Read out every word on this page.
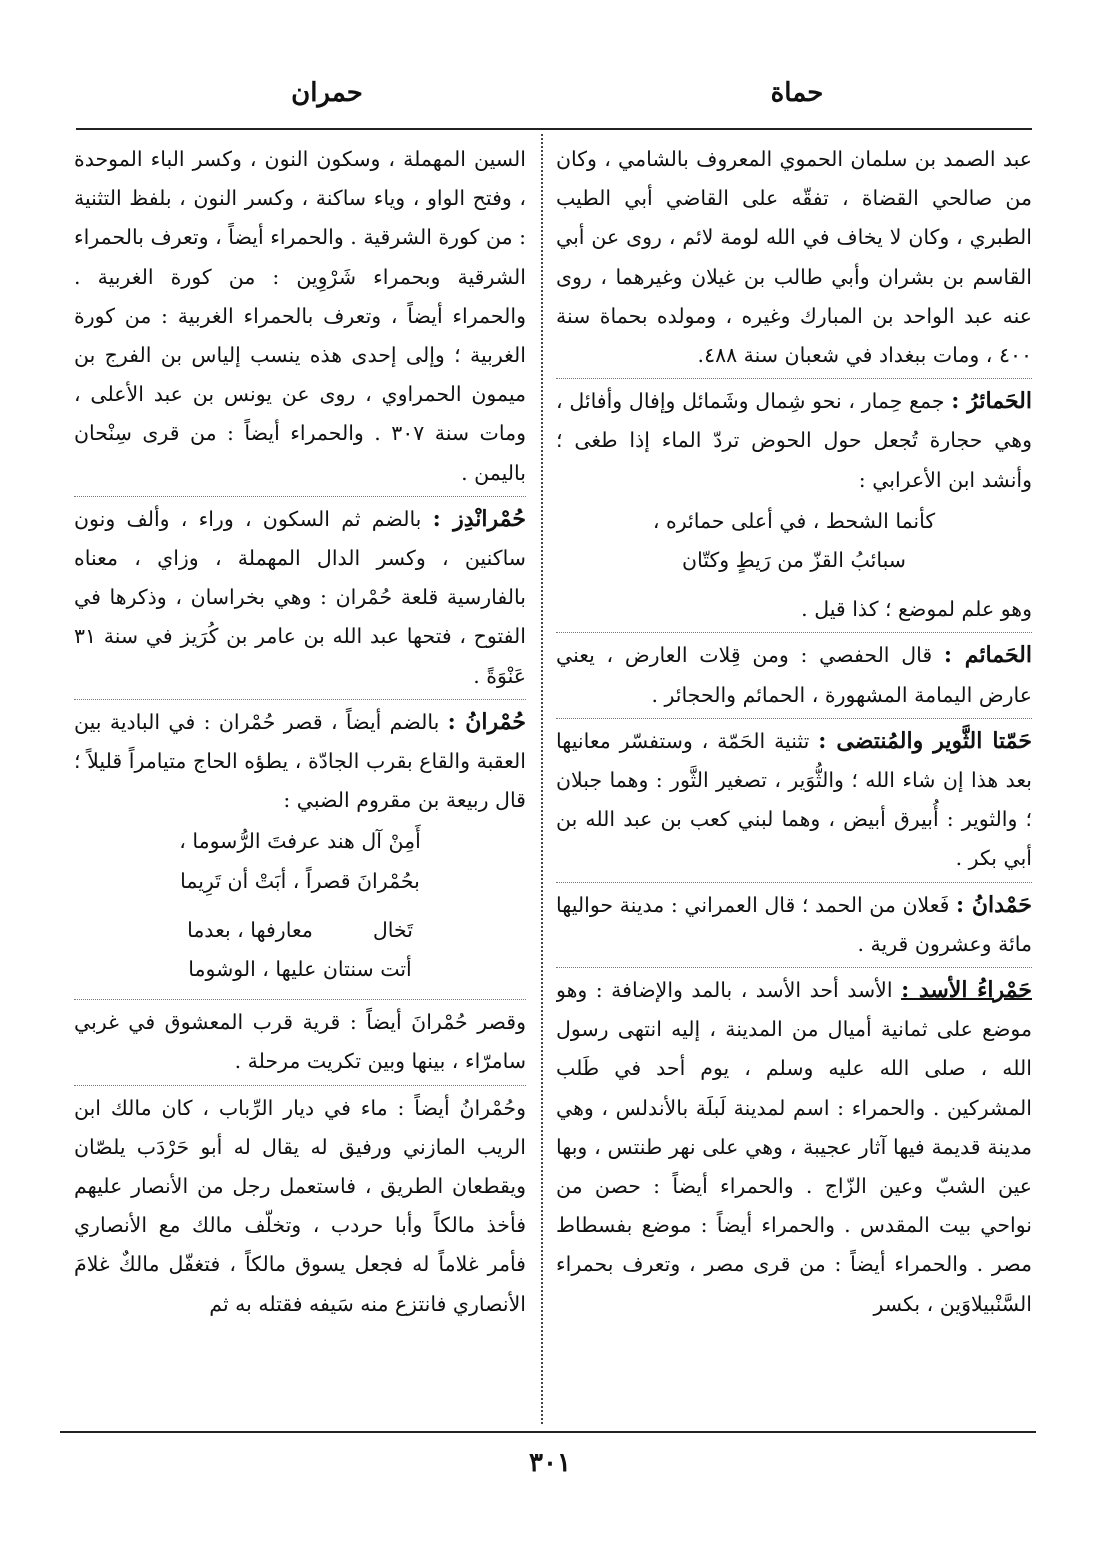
حماة
حمران

عبد الصمد بن سلمان الحموي المعروف بالشامي ، وكان من صالحي القضاة ، تفقّه على القاضي أبي الطيب الطبري ، وكان لا يخاف في الله لومة لائم ، روى عن أبي القاسم بن بشران وأبي طالب بن غيلان وغيرهما ، روى عنه عبد الواحد بن المبارك وغيره ، ومولده بحماة سنة ٤٠٠ ، ومات ببغداد في شعبان سنة ٤٨٨.

الحَمائرُ : جمع حِمار ، نحو شِمال وشَمائل وإفال وأفائل ، وهي حجارة تُجعل حول الحوض تردّ الماء إذا طغى ؛ وأنشد ابن الأعرابي :

كأنما الشحط ، في أعلى حمائره ،

سبائبُ القزّ من رَيطٍ وكتّان

وهو علم لموضع ؛ كذا قيل .

الحَمائم : قال الحفصي : ومن قِلات العارض ، يعني عارض اليمامة المشهورة ، الحمائم والحجائر .

حَمّتا الثَّوير والمُنتضى : تثنية الحَمّة ، وستفسّر معانيها بعد هذا إن شاء الله ؛ والثُّوَير ، تصغير الثَّور : وهما جبلان ؛ والثوير : أُبيرق أبيض ، وهما لبني كعب بن عبد الله بن أبي بكر .

حَمْدانُ : فَعلان من الحمد ؛ قال العمراني : مدينة حواليها مائة وعشرون قرية .

حَمْراءُ الأسد : الأسد أحد الأسد ، بالمد والإضافة : وهو موضع على ثمانية أميال من المدينة ، إليه انتهى رسول الله ، صلى الله عليه وسلم ، يوم أحد في طَلب المشركين . والحمراء : اسم لمدينة لَبلَة بالأندلس ، وهي مدينة قديمة فيها آثار عجيبة ، وهي على نهر طنتس ، وبها عين الشبّ وعين الزّاج . والحمراء أيضاً : حصن من نواحي بيت المقدس . والحمراء أيضاً : موضع بفسطاط مصر . والحمراء أيضاً : من قرى مصر ، وتعرف بحمراء السَّنْبيلاوَين ، بكسر

السين المهملة ، وسكون النون ، وكسر الباء الموحدة ، وفتح الواو ، وياء ساكنة ، وكسر النون ، بلفظ التثنية : من كورة الشرقية . والحمراء أيضاً ، وتعرف بالحمراء الشرقية وبحمراء شَرْوِين : من كورة الغربية . والحمراء أيضاً ، وتعرف بالحمراء الغربية : من كورة الغربية ؛ وإلى إحدى هذه ينسب إلياس بن الفرج بن ميمون الحمراوي ، روى عن يونس بن عبد الأعلى ، ومات سنة ٣٠٧ . والحمراء أيضاً : من قرى سِنْحان باليمن .

حُمْرانْدِز : بالضم ثم السكون ، وراء ، وألف ونون ساكنين ، وكسر الدال المهملة ، وزاي ، معناه بالفارسية قلعة حُمْران : وهي بخراسان ، وذكرها في الفتوح ، فتحها عبد الله بن عامر بن كُرَيز في سنة ٣١ عَنْوَةً .

حُمْرانُ : بالضم أيضاً ، قصر حُمْران : في البادية بين العقبة والقاع بقرب الجادّة ، يطؤه الحاج متيامراً قليلاً ؛ قال ربيعة بن مقروم الضبي :

أَمِنْ آل هند عرفتَ الرُّسوما ،

بحُمْرانَ قصراً ، أبَتْ أن تَرِيما

تَخال
معارفها ، بعدما

أتت سنتان عليها ، الوشوما

وقصر حُمْرانَ أيضاً : قرية قرب المعشوق في غربي سامرّاء ، بينها وبين تكريت مرحلة .

وحُمْرانُ أيضاً : ماء في ديار الرِّباب ، كان مالك ابن الريب المازني ورفيق له يقال له أبو حَرْدَب يلصّان ويقطعان الطريق ، فاستعمل رجل من الأنصار عليهم فأخذ مالكاً وأبا حردب ، وتخلّف مالك مع الأنصاري فأمر غلاماً له فجعل يسوق مالكاً ، فتغفّل مالكٌ غلامَ الأنصاري فانتزع منه سَيفه فقتله به ثم

٣٠١
